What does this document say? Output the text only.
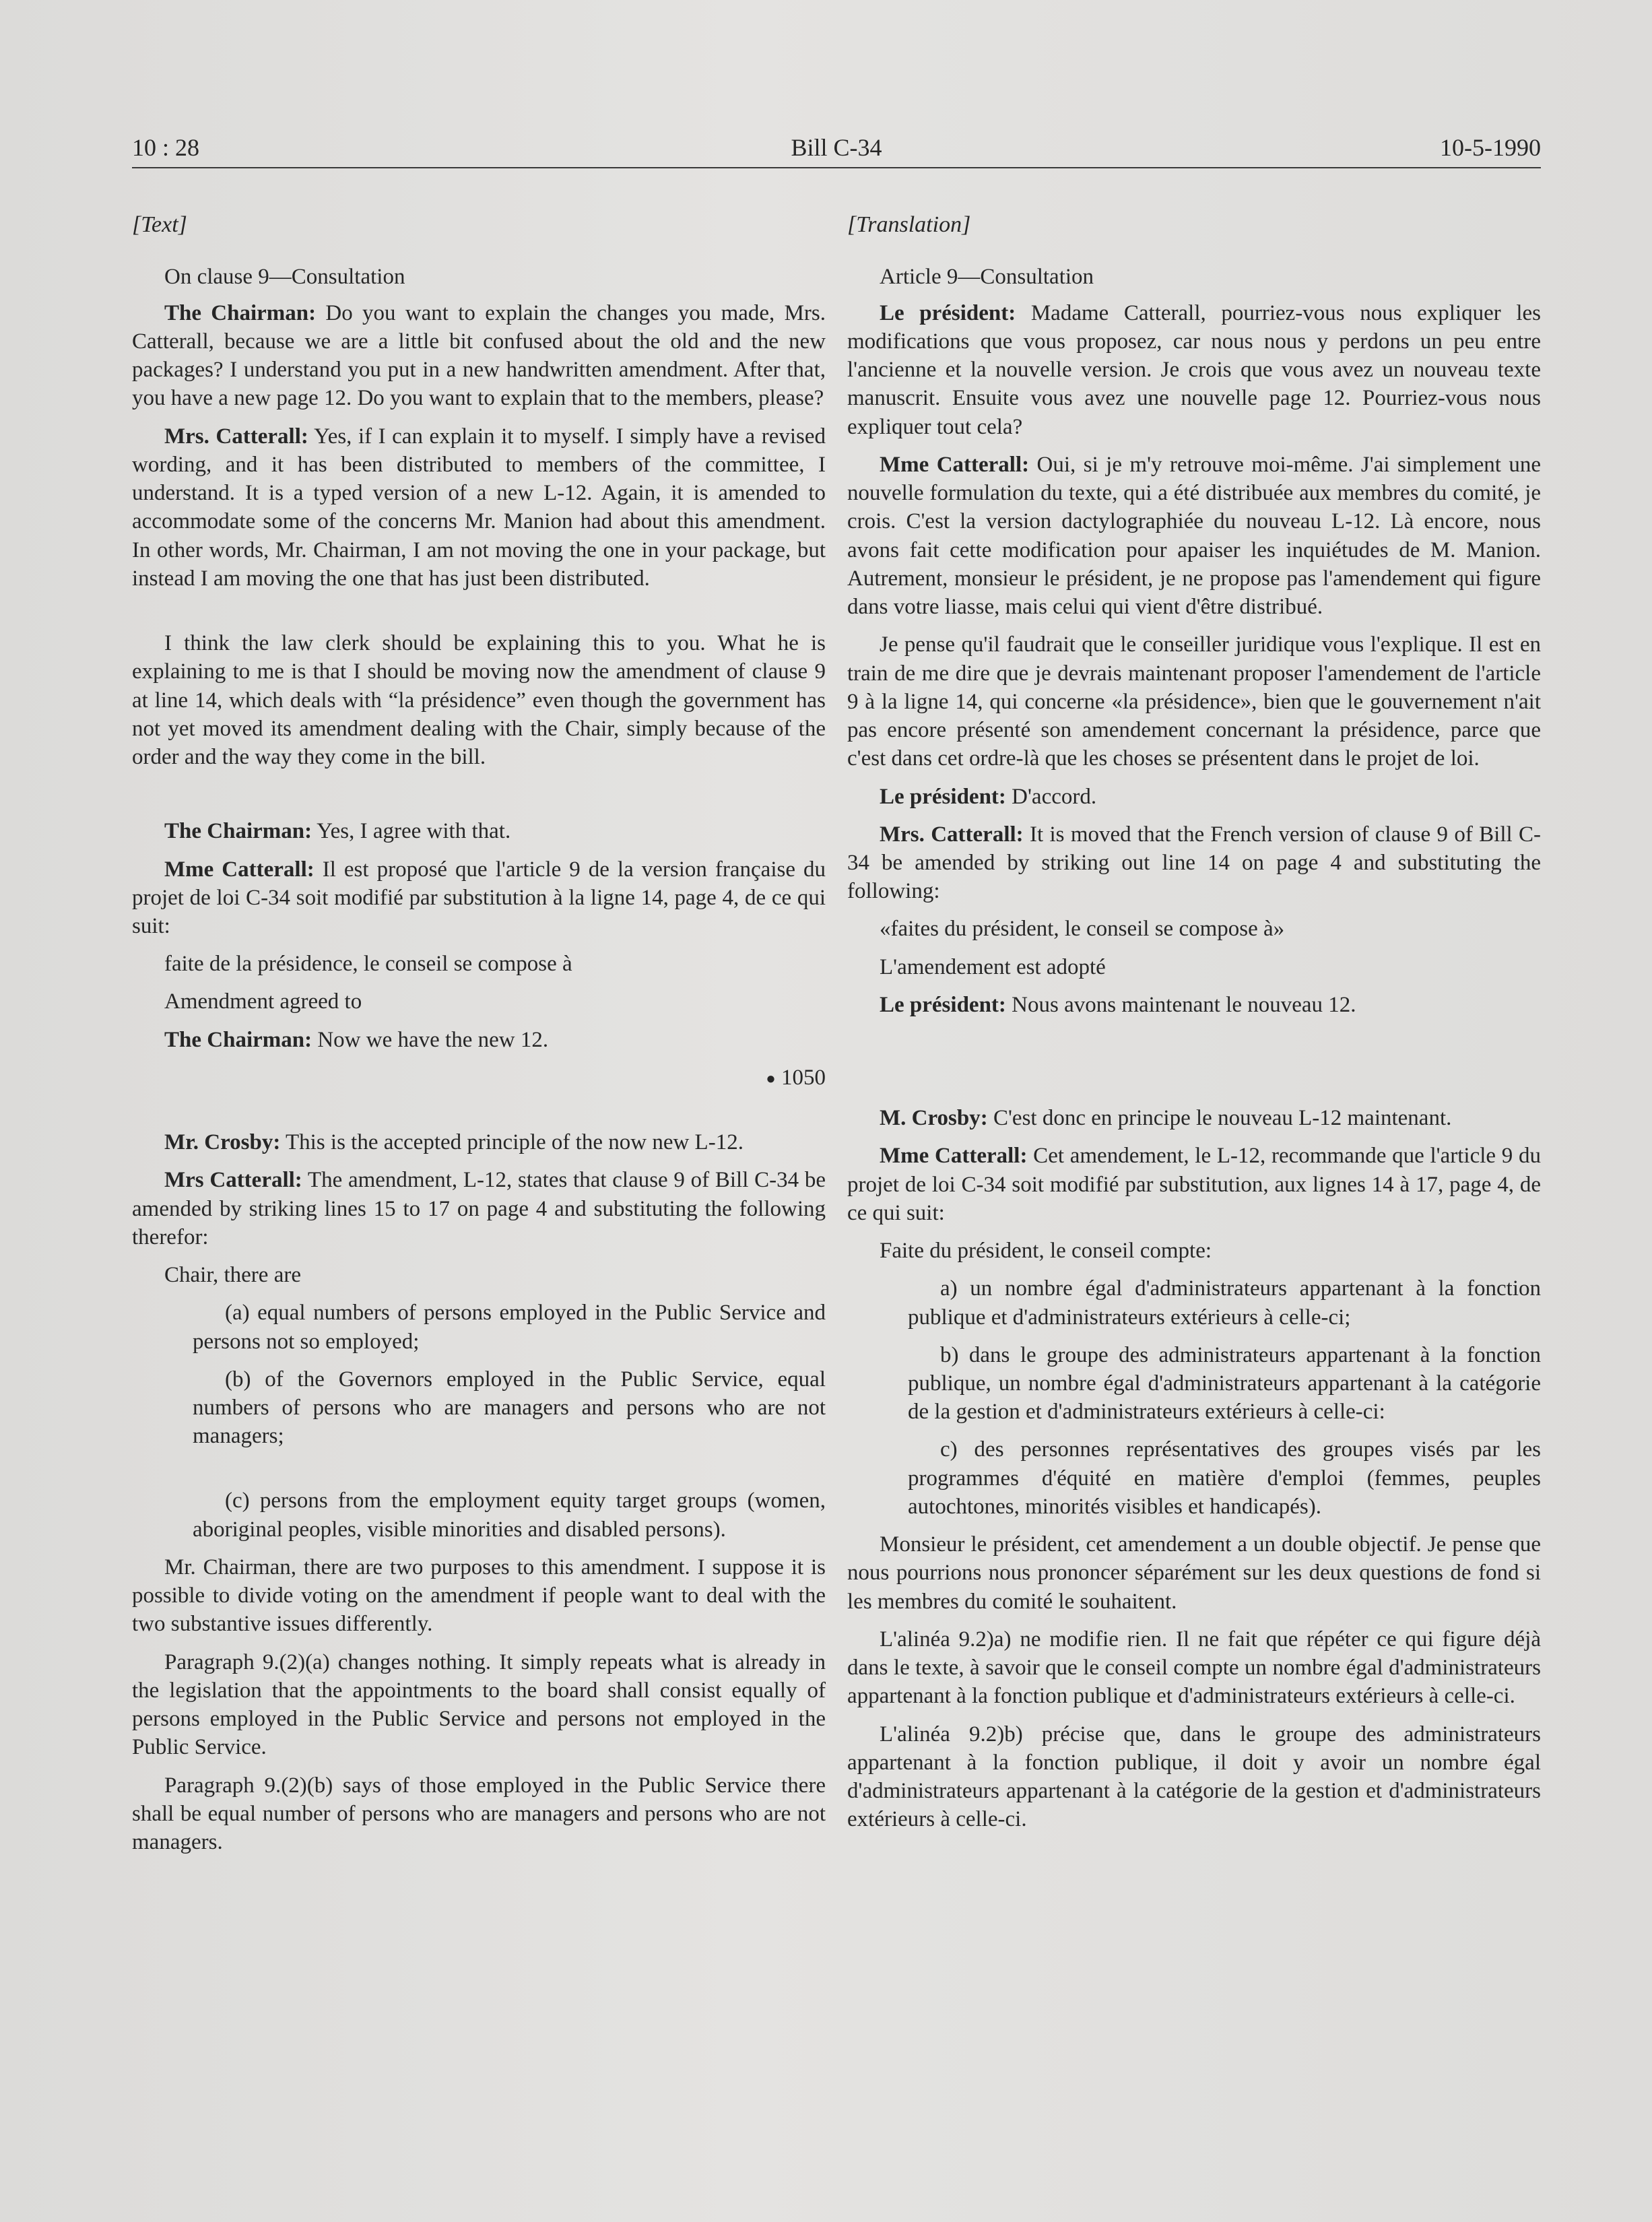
10 : 28	Bill C-34	10-5-1990

[Text]

On clause 9—Consultation

The Chairman: Do you want to explain the changes you made, Mrs. Catterall, because we are a little bit confused about the old and the new packages? I understand you put in a new handwritten amendment. After that, you have a new page 12. Do you want to explain that to the members, please?

Mrs. Catterall: Yes, if I can explain it to myself. I simply have a revised wording, and it has been distributed to members of the committee, I understand. It is a typed version of a new L-12. Again, it is amended to accommodate some of the concerns Mr. Manion had about this amendment. In other words, Mr. Chairman, I am not moving the one in your package, but instead I am moving the one that has just been distributed.

I think the law clerk should be explaining this to you. What he is explaining to me is that I should be moving now the amendment of clause 9 at line 14, which deals with “la présidence” even though the government has not yet moved its amendment dealing with the Chair, simply because of the order and the way they come in the bill.

The Chairman: Yes, I agree with that.

Mme Catterall: Il est proposé que l'article 9 de la version française du projet de loi C-34 soit modifié par substitution à la ligne 14, page 4, de ce qui suit:

faite de la présidence, le conseil se compose à

Amendment agreed to

The Chairman: Now we have the new 12.

● 1050

Mr. Crosby: This is the accepted principle of the now new L-12.

Mrs Catterall: The amendment, L-12, states that clause 9 of Bill C-34 be amended by striking lines 15 to 17 on page 4 and substituting the following therefor:

Chair, there are

(a) equal numbers of persons employed in the Public Service and persons not so employed;

(b) of the Governors employed in the Public Service, equal numbers of persons who are managers and persons who are not managers;

(c) persons from the employment equity target groups (women, aboriginal peoples, visible minorities and disabled persons).

Mr. Chairman, there are two purposes to this amendment. I suppose it is possible to divide voting on the amendment if people want to deal with the two substantive issues differently.

Paragraph 9.(2)(a) changes nothing. It simply repeats what is already in the legislation that the appointments to the board shall consist equally of persons employed in the Public Service and persons not employed in the Public Service.

Paragraph 9.(2)(b) says of those employed in the Public Service there shall be equal number of persons who are managers and persons who are not managers.

[Translation]

Article 9—Consultation

Le président: Madame Catterall, pourriez-vous nous expliquer les modifications que vous proposez, car nous nous y perdons un peu entre l'ancienne et la nouvelle version. Je crois que vous avez un nouveau texte manuscrit. Ensuite vous avez une nouvelle page 12. Pourriez-vous nous expliquer tout cela?

Mme Catterall: Oui, si je m'y retrouve moi-même. J'ai simplement une nouvelle formulation du texte, qui a été distribuée aux membres du comité, je crois. C'est la version dactylographiée du nouveau L-12. Là encore, nous avons fait cette modification pour apaiser les inquiétudes de M. Manion. Autrement, monsieur le président, je ne propose pas l'amendement qui figure dans votre liasse, mais celui qui vient d'être distribué.

Je pense qu'il faudrait que le conseiller juridique vous l'explique. Il est en train de me dire que je devrais maintenant proposer l'amendement de l'article 9 à la ligne 14, qui concerne «la présidence», bien que le gouvernement n'ait pas encore présenté son amendement concernant la présidence, parce que c'est dans cet ordre-là que les choses se présentent dans le projet de loi.

Le président: D'accord.

Mrs. Catterall: It is moved that the French version of clause 9 of Bill C-34 be amended by striking out line 14 on page 4 and substituting the following:

«faites du président, le conseil se compose à»

L'amendement est adopté

Le président: Nous avons maintenant le nouveau 12.

M. Crosby: C'est donc en principe le nouveau L-12 maintenant.

Mme Catterall: Cet amendement, le L-12, recommande que l'article 9 du projet de loi C-34 soit modifié par substitution, aux lignes 14 à 17, page 4, de ce qui suit:

Faite du président, le conseil compte:

a) un nombre égal d'administrateurs appartenant à la fonction publique et d'administrateurs extérieurs à celle-ci;

b) dans le groupe des administrateurs appartenant à la fonction publique, un nombre égal d'administrateurs appartenant à la catégorie de la gestion et d'administrateurs extérieurs à celle-ci:

c) des personnes représentatives des groupes visés par les programmes d'équité en matière d'emploi (femmes, peuples autochtones, minorités visibles et handicapés).

Monsieur le président, cet amendement a un double objectif. Je pense que nous pourrions nous prononcer séparément sur les deux questions de fond si les membres du comité le souhaitent.

L'alinéa 9.2)a) ne modifie rien. Il ne fait que répéter ce qui figure déjà dans le texte, à savoir que le conseil compte un nombre égal d'administrateurs appartenant à la fonction publique et d'administrateurs extérieurs à celle-ci.

L'alinéa 9.2)b) précise que, dans le groupe des administrateurs appartenant à la fonction publique, il doit y avoir un nombre égal d'administrateurs appartenant à la catégorie de la gestion et d'administrateurs extérieurs à celle-ci.
